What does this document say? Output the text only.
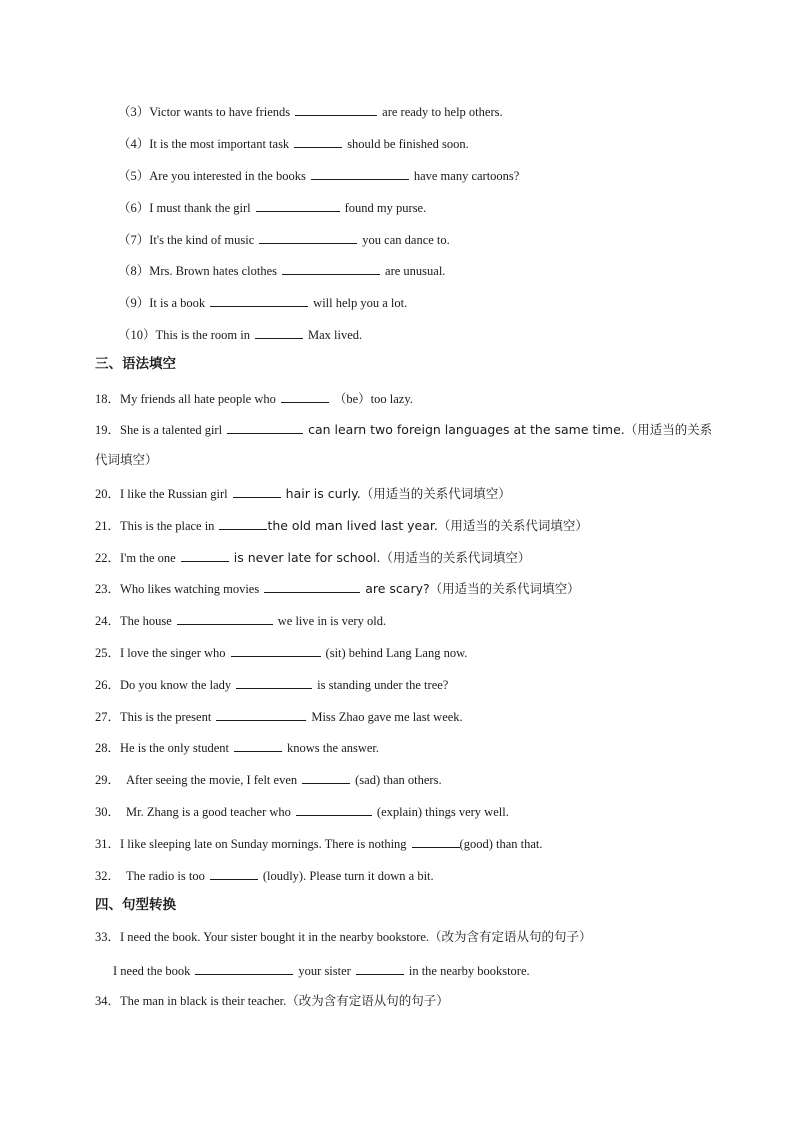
（3）Victor wants to have friends	are ready to help others.
（4）It is the most important task	should be finished soon.
（5）Are you interested in the books	have many cartoons?
（6）I must thank the girl	found my purse.
（7）It's the kind of music	you can dance to.
（8）Mrs. Brown hates clothes	are unusual.
（9）It is a book	will help you a lot.
（10）This is the room in	Max lived.
三、语法填空
18．My friends all hate people who	（be）too lazy.
19．She is a talented girl	can learn two foreign languages at the same time.（用适当的关系
代词填空）
20．I like the Russian girl	hair is curly.（用适当的关系代词填空）
21．This is the place in	the old man lived last year.（用适当的关系代词填空）
22．I'm the one	is never late for school.（用适当的关系代词填空）
23．Who likes watching movies	are scary?（用适当的关系代词填空）
24．The house	we live in is very old.
25．I love the singer who	(sit) behind Lang Lang now.
26．Do you know the lady	is standing under the tree?
27．This is the present	Miss Zhao gave me last week.
28．He is the only student	knows the answer.
29． After seeing the movie, I felt even	(sad) than others.
30． Mr. Zhang is a good teacher who	(explain) things very well.
31．I like sleeping late on Sunday mornings. There is nothing	(good) than that.
32． The radio is too	(loudly). Please turn it down a bit.
四、句型转换
33．I need the book. Your sister bought it in the nearby bookstore.（改为含有定语从句的句子）
I need the book	your sister	in the nearby bookstore.
34．The man in black is their teacher.（改为含有定语从句的句子）
